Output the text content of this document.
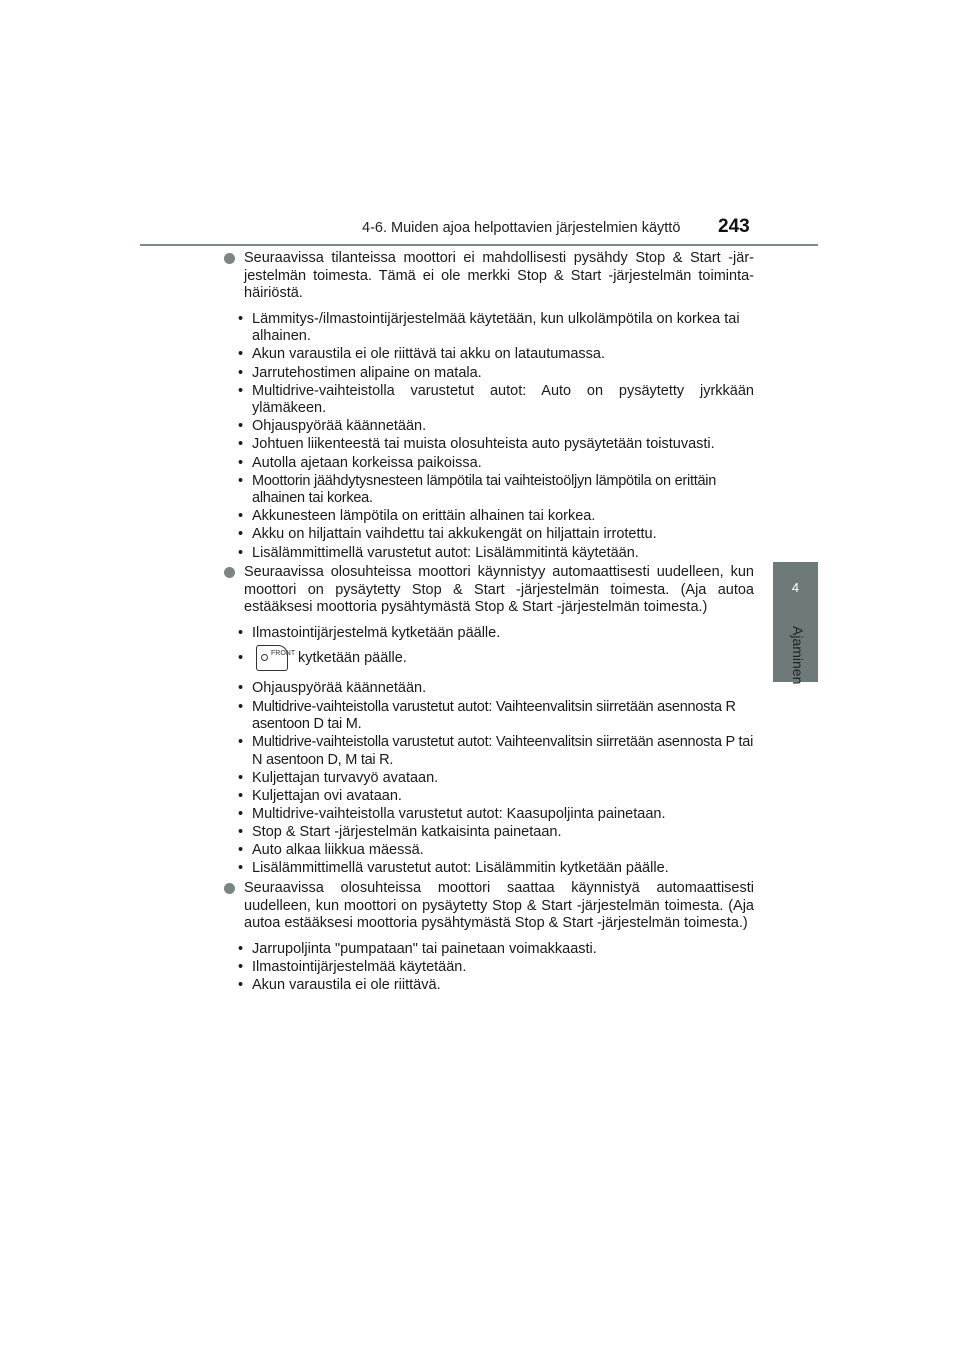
4-6. Muiden ajoa helpottavien järjestelmien käyttö 243
4
Ajaminen
Seuraavissa tilanteissa moottori ei mahdollisesti pysähdy Stop & Start -jär-jestelmän toimesta. Tämä ei ole merkki Stop & Start -järjestelmän toiminta-häiriöstä.
• Lämmitys-/ilmastointijärjestelmää käytetään, kun ulkolämpötila on korkea tai alhainen.
• Akun varaustila ei ole riittävä tai akku on latautumassa.
• Jarrutehostimen alipaine on matala.
• Multidrive-vaihteistolla varustetut autot: Auto on pysäytetty jyrkkään ylämäkeen.
• Ohjauspyörää käännetään.
• Johtuen liikenteestä tai muista olosuhteista auto pysäytetään toistuvasti.
• Autolla ajetaan korkeissa paikoissa.
• Moottorin jäähdytysnesteen lämpötila tai vaihteistoöljyn lämpötila on erittäin alhainen tai korkea.
• Akkunesteen lämpötila on erittäin alhainen tai korkea.
• Akku on hiljattain vaihdettu tai akkukengät on hiljattain irrotettu.
• Lisälämmittimellä varustetut autot: Lisälämmitintä käytetään.
Seuraavissa olosuhteissa moottori käynnistyy automaattisesti uudelleen, kun moottori on pysäytetty Stop & Start -järjestelmän toimesta. (Aja autoa estääksesi moottoria pysähtymästä Stop & Start -järjestelmän toimesta.)
• Ilmastointijärjestelmä kytketään päälle.
•	FRONT kytketään päälle.
• Ohjauspyörää käännetään.
• Multidrive-vaihteistolla varustetut autot: Vaihteenvalitsin siirretään asennosta R asentoon D tai M.
• Multidrive-vaihteistolla varustetut autot: Vaihteenvalitsin siirretään asennosta P tai N asentoon D, M tai R.
• Kuljettajan turvavyö avataan.
• Kuljettajan ovi avataan.
• Multidrive-vaihteistolla varustetut autot: Kaasupoljinta painetaan.
• Stop & Start -järjestelmän katkaisinta painetaan.
• Auto alkaa liikkua mäessä.
• Lisälämmittimellä varustetut autot: Lisälämmitin kytketään päälle.
Seuraavissa olosuhteissa moottori saattaa käynnistyä automaattisesti uudelleen, kun moottori on pysäytetty Stop & Start -järjestelmän toimesta. (Aja autoa estääksesi moottoria pysähtymästä Stop & Start -järjestelmän toimesta.)
• Jarrupoljinta "pumpataan" tai painetaan voimakkaasti.
• Ilmastointijärjestelmää käytetään.
• Akun varaustila ei ole riittävä.
